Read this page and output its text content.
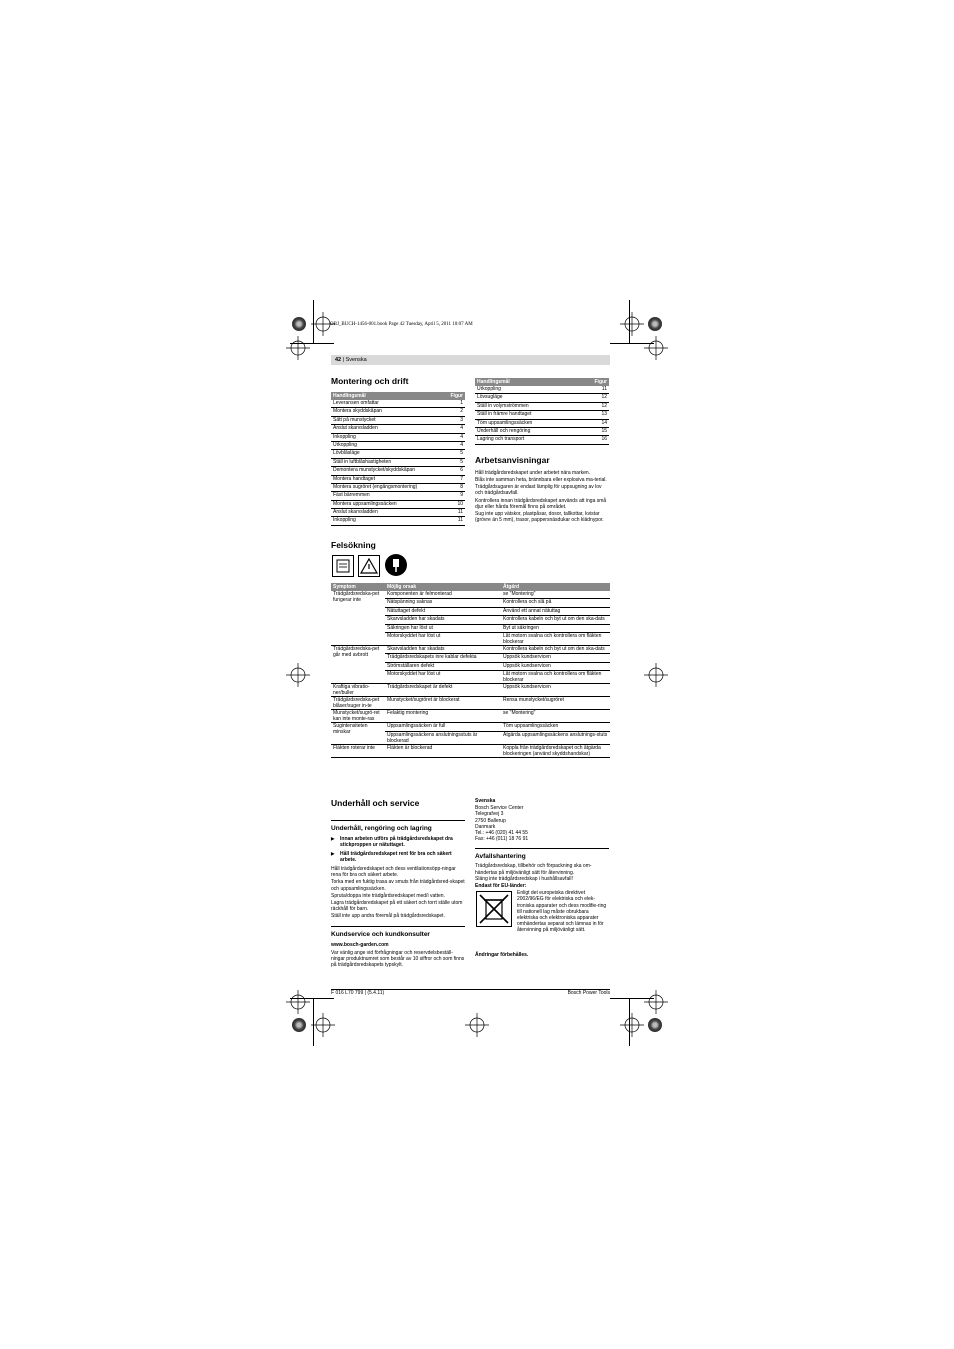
OBJ_BUCH-1456-001.book Page 42 Tuesday, April 5, 2011 10:07 AM
42 | Svenska
Montering och drift
Handlingsmål	Figur
Leveransen omfattar	1
Montera skyddskåpan	2
Sätt på munstycket	3
Anslut skarvsladden	4
Inkoppling	4
Urkoppling	4
Lövblåsläge	5
Ställ in luftblåshastigheten	5
Demontera munstycket/skyddskåpan	6
Montera handtaget	7
Montera sugröret (engångsmontering)	8
Fäst bärremmen	9
Montera uppsamlingssäcken	10
Anslut skarvsladden	11
Inkoppling	11
Handlingsmål	Figur
Urkoppling	11
Lövsugläge	12
Ställ in volymströmmen	12
Ställ in främre handtaget	13
Töm uppsamlingssäcken	14
Underhåll och rengöring	15
Lagring och transport	16
Arbetsanvisningar

Håll trädgårdsredskapet under arbetet nära marken.

Blås inte samman heta, brännbara eller explosiva ma-terial.

Trädgårdsugaren är endast lämplig för uppsugning av lov och trädgårdsavfall.

Kontrollera innan trädgårdsredskapet används att inga små djur eller hårda föremål finns på området.

Sug inte upp vätskor, plastpåsar, dosor, tallkottar, kvistar (grövre än 5 mm), trasor, pappersnäsdukar och klädnypor.

Felsökning
Symptom	Möjlig orsak	Åtgärd
Trädgårdsredska-pet fungerar inte	Komponenten är felmonterad	se "Montering"
	Nätspänning saknas	Kontrollera och slå på
	Nätuttaget defekt	Använd ett annat nätuttag
	Skarvsladden har skadats	Kontrollera kabeln och byt ut om den ska-dats
	Säkringen har löst ut	Byt ut säkringen
	Motorskyddet har löst ut	Låt motorn svalna och kontrollera om fläkten blockerar
Trädgårdsredska-pet går med avbrott	Skarvsladden har skadats	Kontrollera kabeln och byt ut om den ska-dats
	Trädgårdsredskapets inre kablar defekta	Uppsök kundservicen
	Strömställaren defekt	Uppsök kundservicen
	Motorskyddet har löst ut	Låt motorn svalna och kontrollera om fläkten blockerar
Kraftiga vibratio-ner/buller	Trädgårdsredskapet är defekt	Uppsök kundservicen
Trädgårdsredska-pet blåser/suger in-te	Munstycket/sugröret är blockerat	Rensa munstycket/sugröret
Munstycket/sugrö-ret kan inte monte-ras	Felaktig montering	se "Montering"
Sugintensiteten minskar	Uppsamlingssäcken är full	Töm uppsamlingssäcken
	Uppsamlingssäckens anslutningsstuts är blockerad	Åtgärda uppsamlingssäckens anslutnings-stuts
Fläkten roterar inte	Fläkten är blockerad	Koppla från trädgårdsredskapet och åtgärda blockeringen (använd skyddshandskar)
Underhåll och service
Underhåll, rengöring och lagring
▶ Innan arbeten utförs på trädgårdsredskapet dra stickproppen ur nätuttaget.
▶ Håll trädgårdsredskapet rent för bra och säkert arbete.

Håll trädgårdsredskapet och dess ventilationsöpp-ningar rena för bra och säkert arbete.

Torka med en fuktig trasa av smuts från trädgårdsred-skapet och uppsamlingssäcken.

Spruta/doppa inte trädgårdsredskapet med/i vatten.

Lagra trädgårdsredskapet på ett säkert och torrt ställe utom räckhåll för barn.

Ställ inte upp andra föremål på trädgårdsredskapet.

Kundservice och kundkonsulter

www.bosch-garden.com

Var vänlig ange vid förfrågningar och reservdelsbeställ-ningar produktnumret som består av 10 siffror och som finns på trädgårdsredskapets typskylt.

Svenska

Bosch Service Center

Telegrafvej 3

2750 Ballerup

Danmark

Tel.: +46 (020) 41 44 55

Fax: +46 (011) 18 76 91

Avfallshantering

Trädgårdsredskap, tillbehör och förpackning ska om-händertas på miljövänligt sätt för återvinning.

Släng inte trädgårdsredskap i hushållsavfall!

Endast för EU-länder:

Enligt det europeiska direktivet 2002/96/EG för elektriska och elek-troniska apparater och dess modifie-ring till nationell lag måste obrukbara elektriska och elektroniska apparater omhändertas separat och lämnas in för återvinning på miljövänligt sätt.

Ändringar förbehålles.

F 016 L70 799 | (5.4.11)	Bosch Power Tools
